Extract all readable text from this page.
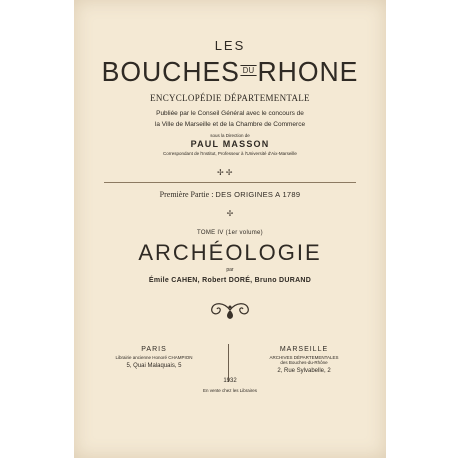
LES
BOUCHES DU RHONE
ENCYCLOPÉDIE DÉPARTEMENTALE
Publiée par le Conseil Général avec le concours de
la Ville de Marseille et de la Chambre de Commerce
sous la Direction de
PAUL MASSON
Correspondant de l'Institut, Professeur à l'Université d'Aix-Marseille
✢ ✢
Première Partie : DES ORIGINES A 1789
✢
TOME IV (1er volume)
ARCHÉOLOGIE
par
Émile CAHEN, Robert DORÉ, Bruno DURAND
PARIS
Librairie ancienne Honoré CHAMPION
5, Quai Malaquais, 5
MARSEILLE
ARCHIVES DÉPARTEMENTALES
des Bouches-du-Rhône
2, Rue Sylvabelle, 2
1932
En vente chez les Libraires
